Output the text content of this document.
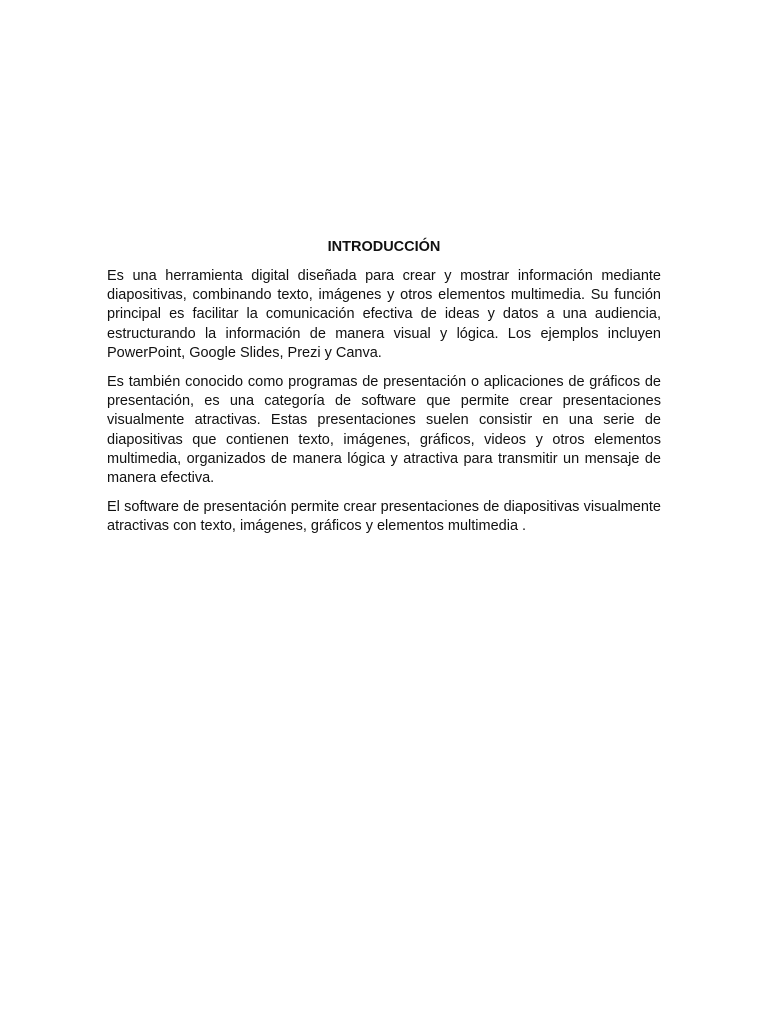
INTRODUCCIÓN

Es una herramienta digital diseñada para crear y mostrar información mediante diapositivas, combinando texto, imágenes y otros elementos multimedia. Su función principal es facilitar la comunicación efectiva de ideas y datos a una audiencia, estructurando la información de manera visual y lógica. Los ejemplos incluyen PowerPoint, Google Slides, Prezi y Canva.

Es también conocido como programas de presentación o aplicaciones de gráficos de presentación, es una categoría de software que permite crear presentaciones visualmente atractivas. Estas presentaciones suelen consistir en una serie de diapositivas que contienen texto, imágenes, gráficos, videos y otros elementos multimedia, organizados de manera lógica y atractiva para transmitir un mensaje de manera efectiva.

El software de presentación permite crear presentaciones de diapositivas visualmente atractivas con texto, imágenes, gráficos y elementos multimedia .
